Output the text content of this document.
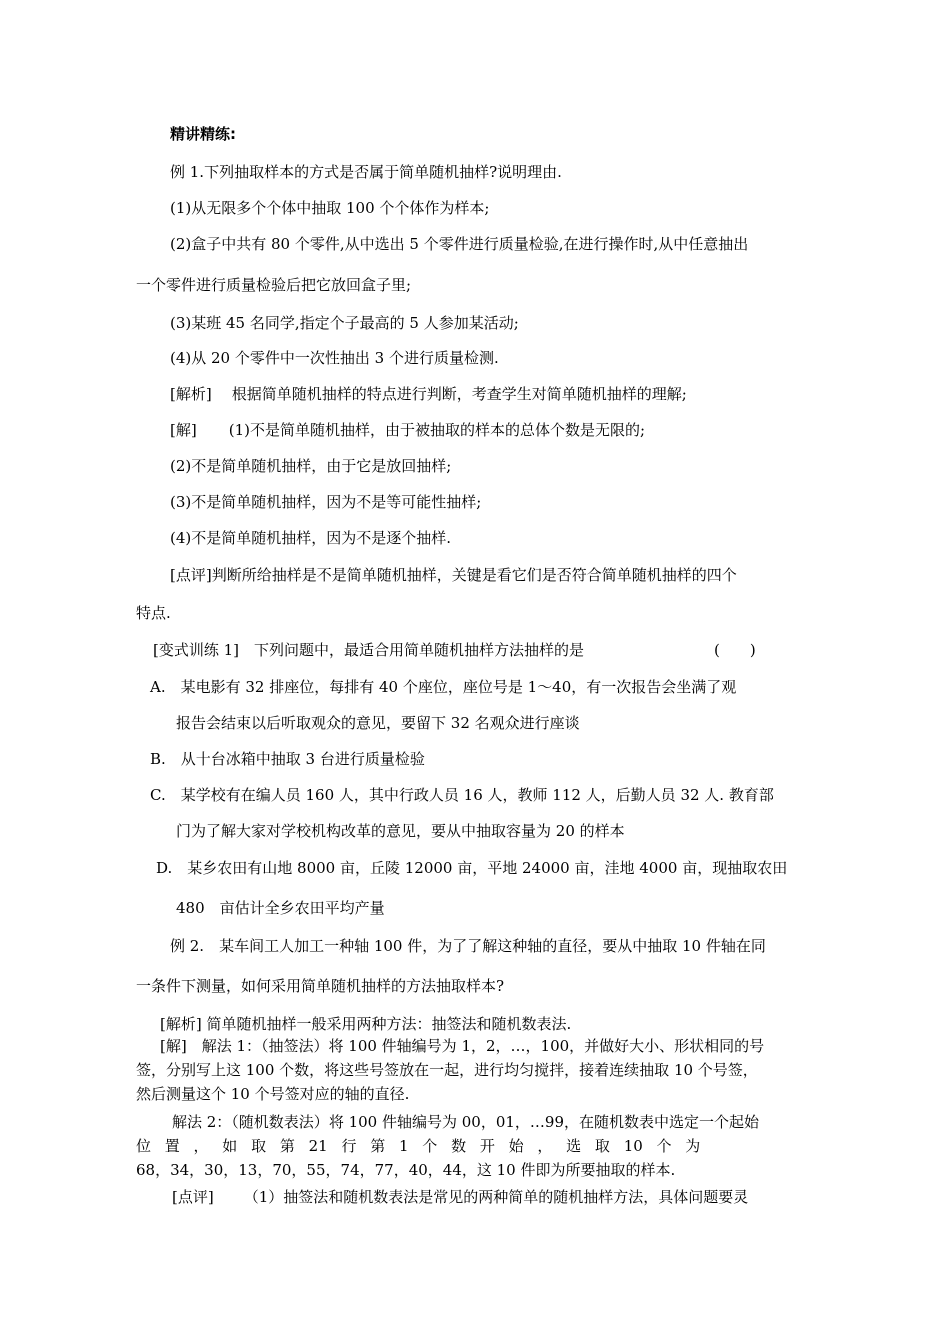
精讲精练:
例 1.下列抽取样本的方式是否属于简单随机抽样?说明理由.
(1)从无限多个个体中抽取 100 个个体作为样本;
(2)盒子中共有 80 个零件,从中选出 5 个零件进行质量检验,在进行操作时,从中任意抽出
一个零件进行质量检验后把它放回盒子里;
(3)某班 45 名同学,指定个子最高的 5 人参加某活动;
(4)从 20 个零件中一次性抽出 3 个进行质量检测.
[解析] 根据简单随机抽样的特点进行判断，考查学生对简单随机抽样的理解;
[解] (1)不是简单随机抽样，由于被抽取的样本的总体个数是无限的;
(2)不是简单随机抽样，由于它是放回抽样;
(3)不是简单随机抽样，因为不是等可能性抽样;
(4)不是简单随机抽样，因为不是逐个抽样.
[点评]判断所给抽样是不是简单随机抽样，关键是看它们是否符合简单随机抽样的四个
特点.
[变式训练 1]　下列问题中，最适合用简单随机抽样方法抽样的是	(　　)
A.　某电影有 32 排座位，每排有 40 个座位，座位号是 1～40，有一次报告会坐满了观
报告会结束以后听取观众的意见，要留下 32 名观众进行座谈
B.　从十台冰箱中抽取 3 台进行质量检验
C.　某学校有在编人员 160 人，其中行政人员 16 人，教师 112 人，后勤人员 32 人. 教育部
门为了解大家对学校机构改革的意见，要从中抽取容量为 20 的样本
D.　某乡农田有山地 8000 亩，丘陵 12000 亩，平地 24000 亩，洼地 4000 亩，现抽取农田
480　亩估计全乡农田平均产量
例 2.　某车间工人加工一种轴 100 件，为了了解这种轴的直径，要从中抽取 10 件轴在同
一条件下测量，如何采用简单随机抽样的方法抽取样本?
[解析] 简单随机抽样一般采用两种方法：抽签法和随机数表法.
[解]　解法 1：（抽签法）将 100 件轴编号为 1，2，…，100，并做好大小、形状相同的号
签，分别写上这 100 个数，将这些号签放在一起，进行均匀搅拌，接着连续抽取 10 个号签，
然后测量这个 10 个号签对应的轴的直径.
解法 2：（随机数表法）将 100 件轴编号为 00，01，…99，在随机数表中选定一个起始
位 置 ， 如 取 第 21 行 第 1 个 数 开 始 ， 选 取 10 个 为
68，34，30，13，70，55，74，77，40，44，这 10 件即为所要抽取的样本.
[点评] （1）抽签法和随机数表法是常见的两种简单的随机抽样方法，具体问题要灵
